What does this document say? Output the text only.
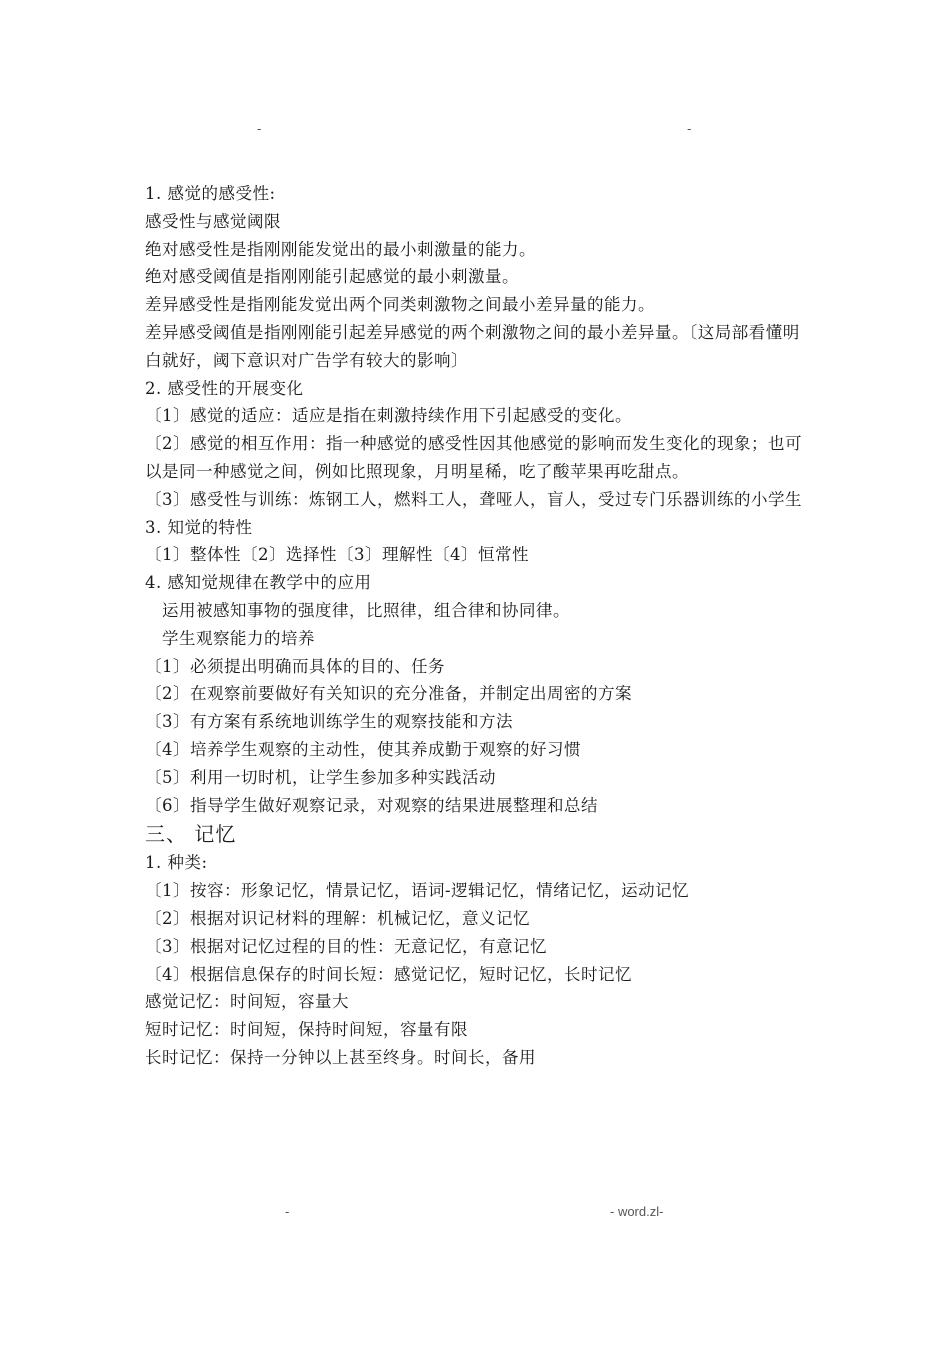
-	-

1. 感觉的感受性:

感受性与感觉阈限

绝对感受性是指刚刚能发觉出的最小刺激量的能力。

绝对感受阈值是指刚刚能引起感觉的最小刺激量。

差异感受性是指刚能发觉出两个同类刺激物之间最小差异量的能力。

差异感受阈值是指刚刚能引起差异感觉的两个刺激物之间的最小差异量。〔这局部看懂明白就好，阈下意识对广告学有较大的影响〕

2. 感受性的开展变化

〔1〕感觉的适应：适应是指在刺激持续作用下引起感受的变化。

〔2〕感觉的相互作用：指一种感觉的感受性因其他感觉的影响而发生变化的现象；也可以是同一种感觉之间，例如比照现象，月明星稀，吃了酸苹果再吃甜点。

〔3〕感受性与训练：炼钢工人，燃料工人，聋哑人，盲人，受过专门乐器训练的小学生

3. 知觉的特性

〔1〕整体性〔2〕选择性〔3〕理解性〔4〕恒常性

4. 感知觉规律在教学中的应用

运用被感知事物的强度律，比照律，组合律和协同律。

学生观察能力的培养

〔1〕必须提出明确而具体的目的、任务

〔2〕在观察前要做好有关知识的充分准备，并制定出周密的方案

〔3〕有方案有系统地训练学生的观察技能和方法

〔4〕培养学生观察的主动性，使其养成勤于观察的好习惯

〔5〕利用一切时机，让学生参加多种实践活动

〔6〕指导学生做好观察记录，对观察的结果进展整理和总结

三、 记忆

1. 种类:

〔1〕按容：形象记忆，情景记忆，语词-逻辑记忆，情绪记忆，运动记忆

〔2〕根据对识记材料的理解：机械记忆，意义记忆

〔3〕根据对记忆过程的目的性：无意记忆，有意记忆

〔4〕根据信息保存的时间长短：感觉记忆，短时记忆，长时记忆

感觉记忆：时间短，容量大

短时记忆：时间短，保持时间短，容量有限

长时记忆：保持一分钟以上甚至终身。时间长，备用

-	- word.zl-
